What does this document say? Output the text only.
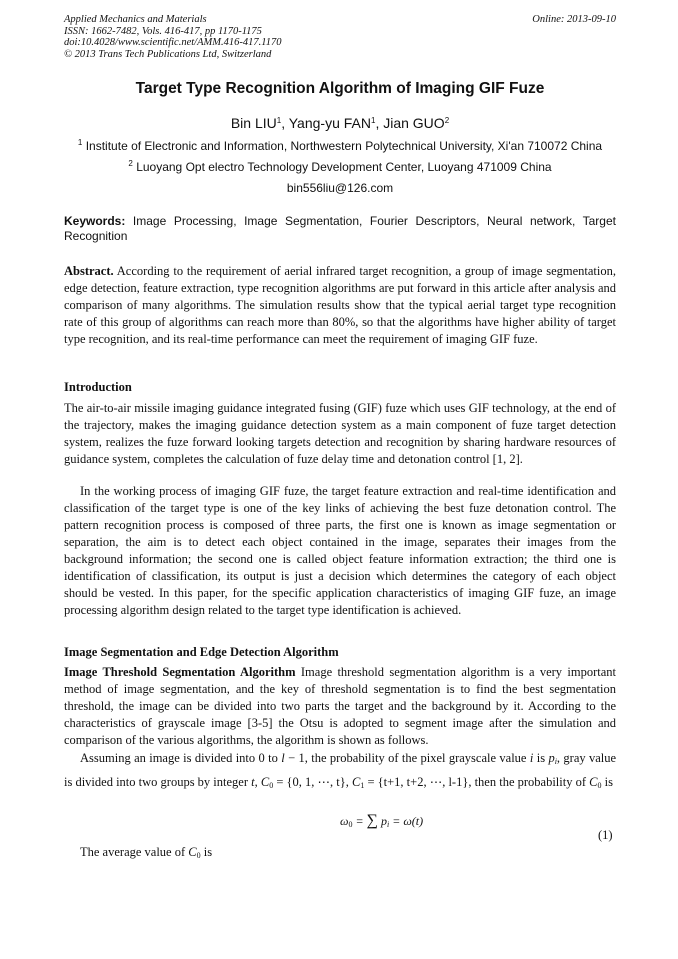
Applied Mechanics and Materials
ISSN: 1662-7482, Vols. 416-417, pp 1170-1175
doi:10.4028/www.scientific.net/AMM.416-417.1170
© 2013 Trans Tech Publications Ltd, Switzerland
Online: 2013-09-10
Target Type Recognition Algorithm of Imaging GIF Fuze
Bin LIU$^1$, Yang-yu FAN$^1$, Jian GUO$^2$
$^1$ Institute of Electronic and Information, Northwestern Polytechnical University, Xi'an 710072 China
$^2$ Luoyang Opt electro Technology Development Center, Luoyang 471009 China
bin556liu@126.com
Keywords: Image Processing, Image Segmentation, Fourier Descriptors, Neural network, Target Recognition
Abstract. According to the requirement of aerial infrared target recognition, a group of image segmentation, edge detection, feature extraction, type recognition algorithms are put forward in this article after analysis and comparison of many algorithms. The simulation results show that the typical aerial target type recognition rate of this group of algorithms can reach more than 80%, so that the algorithms have higher ability of target type recognition, and its real-time performance can meet the requirement of imaging GIF fuze.
Introduction
The air-to-air missile imaging guidance integrated fusing (GIF) fuze which uses GIF technology, at the end of the trajectory, makes the imaging guidance detection system as a main component of fuze target detection system, realizes the fuze forward looking targets detection and recognition by sharing hardware resources of guidance system, completes the calculation of fuze delay time and detonation control [1, 2].
In the working process of imaging GIF fuze, the target feature extraction and real-time identification and classification of the target type is one of the key links of achieving the best fuze detonation control. The pattern recognition process is composed of three parts, the first one is known as image segmentation or separation, the aim is to detect each object contained in the image, separates their images from the background information; the second one is called object feature information extraction; the third one is identification of classification, its output is just a decision which determines the category of each object should be vested. In this paper, for the specific application characteristics of imaging GIF fuze, an image processing algorithm design related to the target type identification is achieved.
Image Segmentation and Edge Detection Algorithm
Image Threshold Segmentation Algorithm Image threshold segmentation algorithm is a very important method of image segmentation, and the key of threshold segmentation is to find the best segmentation threshold, the image can be divided into two parts the target and the background by it. According to the characteristics of grayscale image [3-5] the Otsu is adopted to segment image after the simulation and comparison of the various algorithms, the algorithm is shown as follows.
Assuming an image is divided into 0 to l − 1, the probability of the pixel grayscale value i is $p_i$, gray value is divided into two groups by integer t, $C_0 = \{0$, 1, ⋯, t}, $C_1 = \{t+1$, t+2, ⋯, l-1}, then the probability of $C_0$ is
$\omega_0$ = ∑ $p_i = \omega(t)$
(1)
The average value of $C_0$ is
